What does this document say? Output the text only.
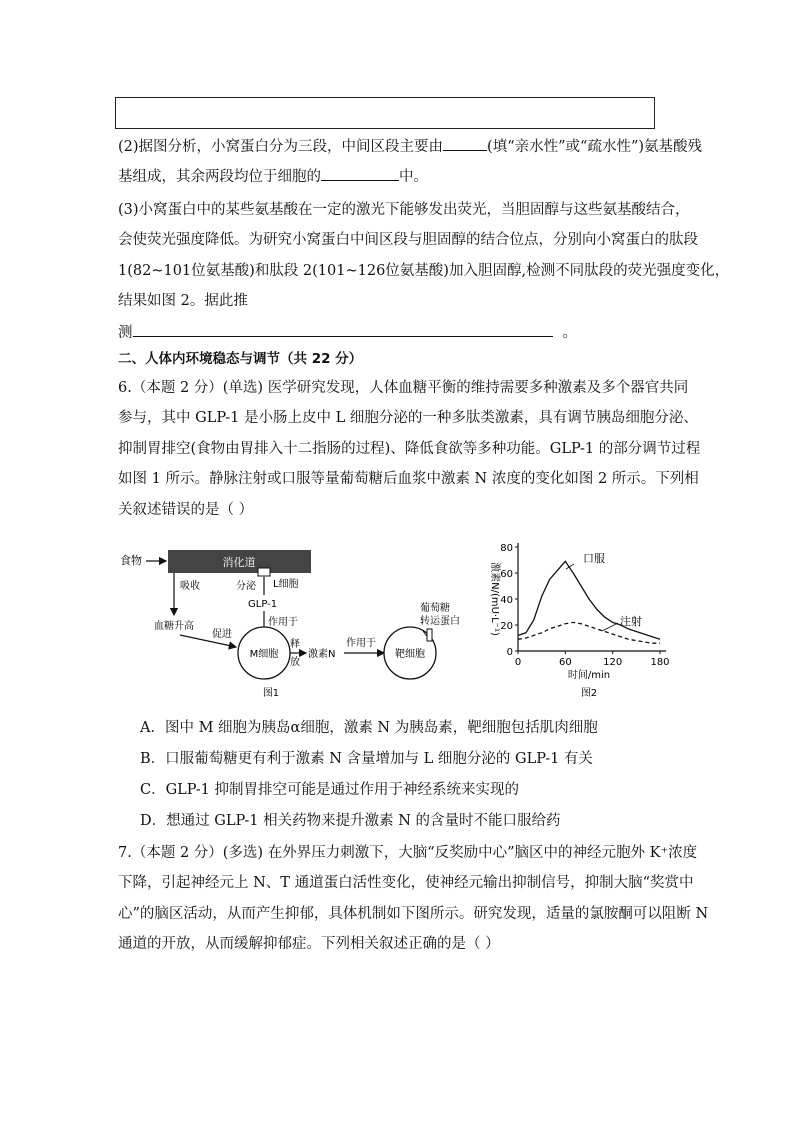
(2)据图分析，小窝蛋白分为三段，中间区段主要由	(填“亲水性”或“疏水性”)氨基酸残
基组成，其余两段均位于细胞的	中。
(3)小窝蛋白中的某些氨基酸在一定的激光下能够发出荧光，当胆固醇与这些氨基酸结合，
会使荧光强度降低。为研究小窝蛋白中间区段与胆固醇的结合位点，分别向小窝蛋白的肽段
1(82~101位氨基酸)和肽段 2(101~126位氨基酸)加入胆固醇,检测不同肽段的荧光强度变化，
结果如图 2。据此推
测	。
二、人体内环境稳态与调节（共 22 分）
6.（本题 2 分）(单选) 医学研究发现，人体血糖平衡的维持需要多种激素及多个器官共同
参与，其中 GLP-1 是小肠上皮中 L 细胞分泌的一种多肽类激素，具有调节胰岛细胞分泌、
抑制胃排空(食物由胃排入十二指肠的过程)、降低食欲等多种功能。GLP-1 的部分调节过程
如图 1 所示。静脉注射或口服等量葡萄糖后血浆中激素 N 浓度的变化如图 2 所示。下列相
关叙述错误的是（ ）
消化道
食物
L细胞
吸收
血糖升高
分泌
GLP-1
作用于
促进
M细胞
释
放
激素N
作用于
靶细胞
葡萄糖
转运蛋白
图1
0
20
40
60
80
0	60	120	180
时间/min
激素N/(mU·L⁻¹)
口服
注射
图2
A．图中 M 细胞为胰岛α细胞，激素 N 为胰岛素，靶细胞包括肌肉细胞
B．口服葡萄糖更有利于激素 N 含量增加与 L 细胞分泌的 GLP-1 有关
C．GLP-1 抑制胃排空可能是通过作用于神经系统来实现的
D．想通过 GLP-1 相关药物来提升激素 N 的含量时不能口服给药
7.（本题 2 分）(多选) 在外界压力刺激下，大脑“反奖励中心”脑区中的神经元胞外 K⁺浓度
下降，引起神经元上 N、T 通道蛋白活性变化，使神经元输出抑制信号，抑制大脑“奖赏中
心”的脑区活动，从而产生抑郁，具体机制如下图所示。研究发现，适量的氯胺酮可以阻断 N
通道的开放，从而缓解抑郁症。下列相关叙述正确的是（ ）
